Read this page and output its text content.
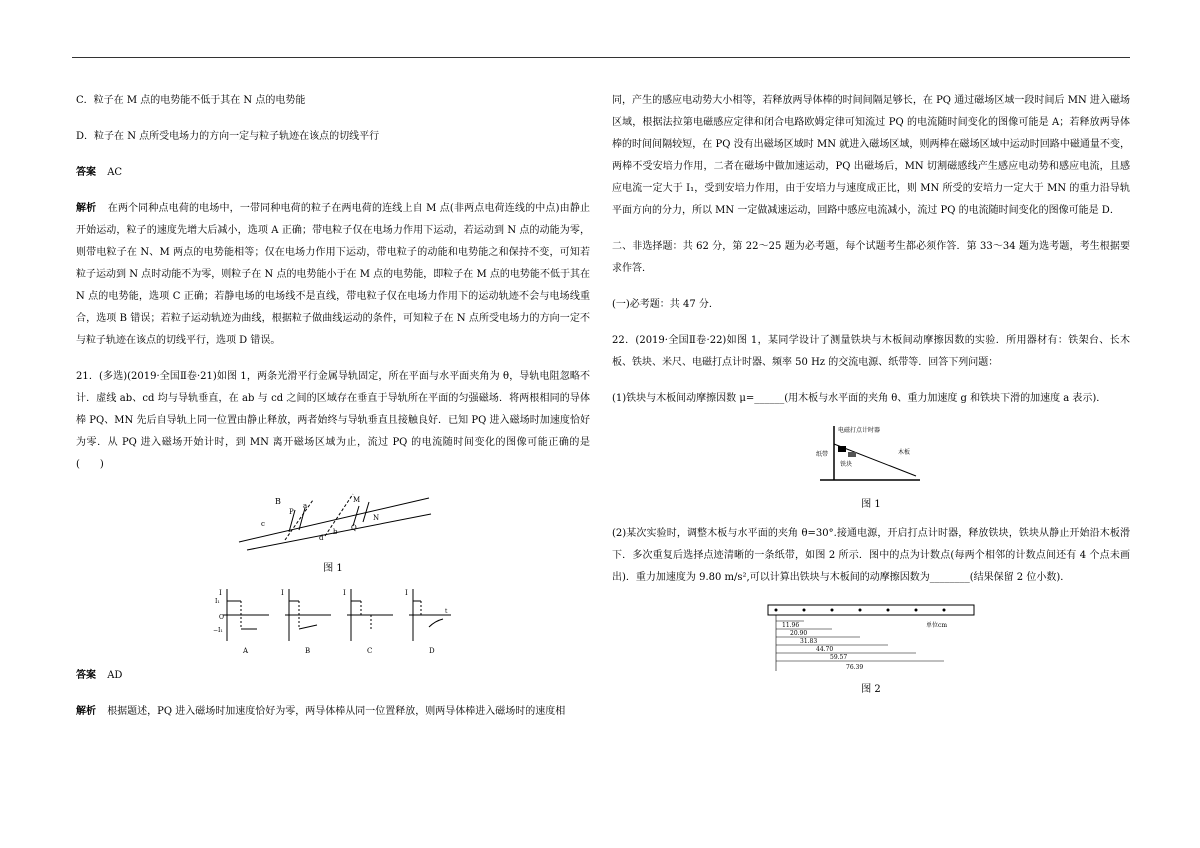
C．粒子在 M 点的电势能不低于其在 N 点的电势能
D．粒子在 N 点所受电场力的方向一定与粒子轨迹在该点的切线平行

答案 AC

解析 在两个同种点电荷的电场中，一带同种电荷的粒子在两电荷的连线上自 M 点(非两点电荷连线的中点)由静止开始运动，粒子的速度先增大后减小，选项 A 正确；带电粒子仅在电场力作用下运动，若运动到 N 点的动能为零，则带电粒子在 N、M 两点的电势能相等；仅在电场力作用下运动，带电粒子的动能和电势能之和保持不变，可知若粒子运动到 N 点时动能不为零，则粒子在 N 点的电势能小于在 M 点的电势能，即粒子在 M 点的电势能不低于其在 N 点的电势能，选项 C 正确；若静电场的电场线不是直线，带电粒子仅在电场力作用下的运动轨迹不会与电场线重合，选项 B 错误；若粒子运动轨迹为曲线，根据粒子做曲线运动的条件，可知粒子在 N 点所受电场力的方向一定不与粒子轨迹在该点的切线平行，选项 D 错误。

21．(多选)(2019·全国Ⅱ卷·21)如图 1，两条光滑平行金属导轨固定，所在平面与水平面夹角为 θ，导轨电阻忽略不计．虚线 ab、cd 均与导轨垂直，在 ab 与 cd 之间的区域存在垂直于导轨所在平面的匀强磁场．将两根相同的导体棒 PQ、MN 先后自导轨上同一位置由静止释放，两者始终与导轨垂直且接触良好．已知 PQ 进入磁场时加速度恰好为零．从 PQ 进入磁场开始计时，到 MN 离开磁场区域为止，流过 PQ 的电流随时间变化的图像可能正确的是(　　)

B
P
a
M
Q
N
c
d
b
图 1
I
I₁
O
−I₁
A
I
B
I
C
I
t
D

答案 AD

解析 根据题述，PQ 进入磁场时加速度恰好为零，两导体棒从同一位置释放，则两导体棒进入磁场时的速度相

同，产生的感应电动势大小相等，若释放两导体棒的时间间隔足够长，在 PQ 通过磁场区域一段时间后 MN 进入磁场区域，根据法拉第电磁感应定律和闭合电路欧姆定律可知流过 PQ 的电流随时间变化的图像可能是 A；若释放两导体棒的时间间隔较短，在 PQ 没有出磁场区域时 MN 就进入磁场区域，则两棒在磁场区域中运动时回路中磁通量不变，两棒不受安培力作用，二者在磁场中做加速运动，PQ 出磁场后，MN 切割磁感线产生感应电动势和感应电流，且感应电流一定大于 I₁，受到安培力作用，由于安培力与速度成正比，则 MN 所受的安培力一定大于 MN 的重力沿导轨平面方向的分力，所以 MN 一定做减速运动，回路中感应电流减小，流过 PQ 的电流随时间变化的图像可能是 D．

二、非选择题：共 62 分，第 22～25 题为必考题，每个试题考生都必须作答．第 33～34 题为选考题，考生根据要求作答．

(一)必考题：共 47 分．

22．(2019·全国Ⅱ卷·22)如图 1，某同学设计了测量铁块与木板间动摩擦因数的实验．所用器材有：铁架台、长木板、铁块、米尺、电磁打点计时器、频率 50 Hz 的交流电源、纸带等．回答下列问题：

(1)铁块与木板间动摩擦因数 μ=______(用木板与水平面的夹角 θ、重力加速度 g 和铁块下滑的加速度 a 表示)．

电磁打点计时器
纸带
铁块
木板
图 1

(2)某次实验时，调整木板与水平面的夹角 θ=30°.接通电源，开启打点计时器，释放铁块，铁块从静止开始沿木板滑下．多次重复后选择点迹清晰的一条纸带，如图 2 所示．图中的点为计数点(每两个相邻的计数点间还有 4 个点未画出)．重力加速度为 9.80 m/s²,可以计算出铁块与木板间的动摩擦因数为________(结果保留 2 位小数)．

11.96
20.90
31.83
44.70
59.57
76.39
单位cm
图 2
